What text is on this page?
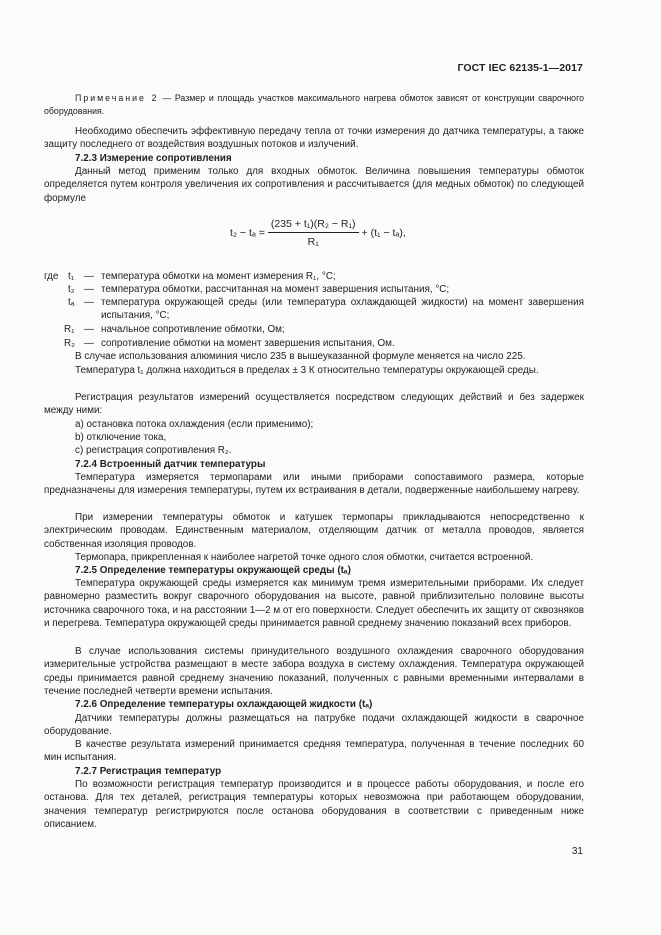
ГОСТ IEC 62135-1—2017
Примечание 2 — Размер и площадь участков максимального нагрева обмоток зависят от конструкции сварочного оборудования.
Необходимо обеспечить эффективную передачу тепла от точки измерения до датчика температуры, а также защиту последнего от воздействия воздушных потоков и излучений.
7.2.3 Измерение сопротивления
Данный метод применим только для входных обмоток. Величина повышения температуры обмоток определяется путем контроля увеличения их сопротивления и рассчитывается (для медных обмоток) по следующей формуле
$t_2 - t_a = \frac{\text{(235 + t₁)(R₂ − R₁)}}{\text{R₁}} + (t_1 - t_a)$,
где t₁ — температура обмотки на момент измерения R₁, °C;
t₂ — температура обмотки, рассчитанная на момент завершения испытания, °C;
tₐ — температура окружающей среды (или температура охлаждающей жидкости) на момент завершения испытания, °C;
R₁ — начальное сопротивление обмотки, Ом;
R₂ — сопротивление обмотки на момент завершения испытания, Ом.
В случае использования алюминия число 235 в вышеуказанной формуле меняется на число 225.
Температура t₁ должна находиться в пределах ± 3 К относительно температуры окружающей среды.
Регистрация результатов измерений осуществляется посредством следующих действий и без задержек между ними:
а) остановка потока охлаждения (если применимо);
b) отключение тока,
c) регистрация сопротивления R₂.
7.2.4 Встроенный датчик температуры
Температура измеряется термопарами или иными приборами сопоставимого размера, которые предназначены для измерения температуры, путем их встраивания в детали, подверженные наибольшему нагреву.
При измерении температуры обмоток и катушек термопары прикладываются непосредственно к электрическим проводам. Единственным материалом, отделяющим датчик от металла проводов, является собственная изоляция проводов.
Термопара, прикрепленная к наиболее нагретой точке одного слоя обмотки, считается встроенной.
7.2.5 Определение температуры окружающей среды (tₐ)
Температура окружающей среды измеряется как минимум тремя измерительными приборами. Их следует равномерно разместить вокруг сварочного оборудования на высоте, равной приблизительно половине высоты источника сварочного тока, и на расстоянии 1—2 м от его поверхности. Следует обеспечить их защиту от сквозняков и перегрева. Температура окружающей среды принимается равной среднему значению показаний всех приборов.
В случае использования системы принудительного воздушного охлаждения сварочного оборудования измерительные устройства размещают в месте забора воздуха в систему охлаждения. Температура окружающей среды принимается равной среднему значению показаний, полученных с равными временными интервалами в течение последней четверти времени испытания.
7.2.6 Определение температуры охлаждающей жидкости (tₐ)
Датчики температуры должны размещаться на патрубке подачи охлаждающей жидкости в сварочное оборудование.
В качестве результата измерений принимается средняя температура, полученная в течение последних 60 мин испытания.
7.2.7 Регистрация температур
По возможности регистрация температур производится и в процессе работы оборудования, и после его останова. Для тех деталей, регистрация температуры которых невозможна при работающем оборудовании, значения температур регистрируются после останова оборудования в соответствии с приведенным ниже описанием.
31
